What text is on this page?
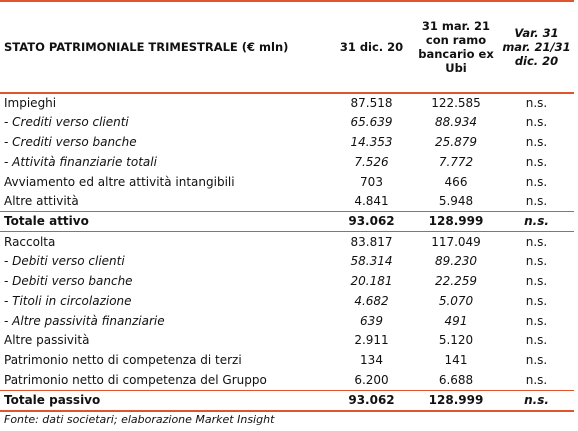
STATO PATRIMONIALE TRIMESTRALE (€ mln)	31 dic. 20	31 mar. 21 con ramo bancario ex Ubi	Var. 31 mar. 21/31 dic. 20
Impieghi	87.518	122.585	n.s.
- Crediti verso clienti	65.639	88.934	n.s.
- Crediti verso banche	14.353	25.879	n.s.
- Attività finanziarie totali	7.526	7.772	n.s.
Avviamento ed altre attività intangibili	703	466	n.s.
Altre attività	4.841	5.948	n.s.
Totale attivo	93.062	128.999	n.s.
Raccolta	83.817	117.049	n.s.
- Debiti verso clienti	58.314	89.230	n.s.
- Debiti verso banche	20.181	22.259	n.s.
- Titoli in circolazione	4.682	5.070	n.s.
- Altre passività finanziarie	639	491	n.s.
Altre passività	2.911	5.120	n.s.
Patrimonio netto di competenza di terzi	134	141	n.s.
Patrimonio netto di competenza del Gruppo	6.200	6.688	n.s.
Totale passivo	93.062	128.999	n.s.
Fonte: dati societari; elaborazione Market Insight
